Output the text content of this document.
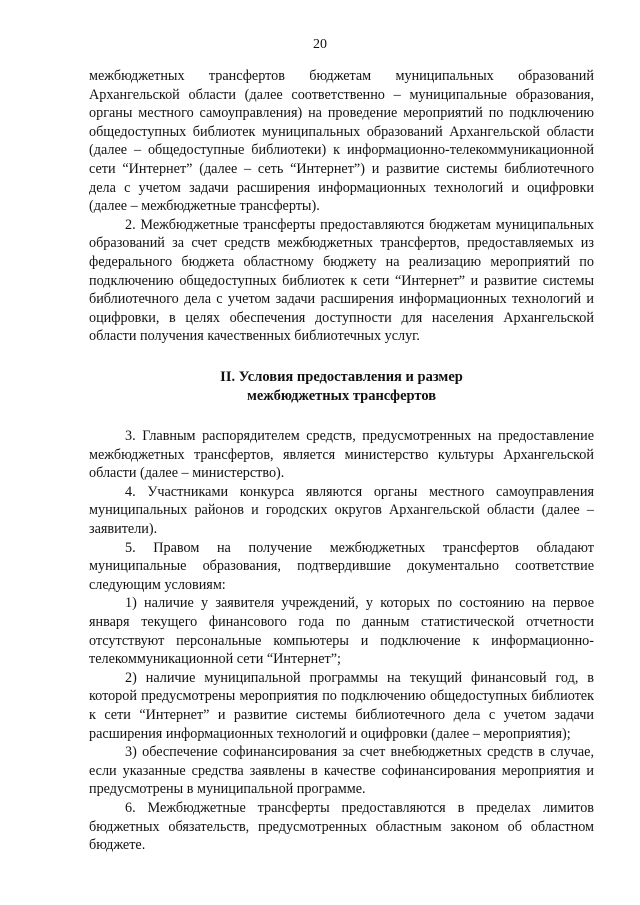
20

межбюджетных трансфертов бюджетам муниципальных образований Архангельской области (далее соответственно – муниципальные образования, органы местного самоуправления) на проведение мероприятий по подключению общедоступных библиотек муниципальных образований Архангельской области (далее – общедоступные библиотеки) к информационно-телекоммуникационной сети “Интернет” (далее – сеть “Интернет”) и развитие системы библиотечного дела с учетом задачи расширения информационных технологий и оцифровки (далее – межбюджетные трансферты).

2. Межбюджетные трансферты предоставляются бюджетам муниципальных образований за счет средств межбюджетных трансфертов, предоставляемых из федерального бюджета областному бюджету на реализацию мероприятий по подключению общедоступных библиотек к сети “Интернет” и развитие системы библиотечного дела с учетом задачи расширения информационных технологий и оцифровки, в целях обеспечения доступности для населения Архангельской области получения качественных библиотечных услуг.

II. Условия предоставления и размер
межбюджетных трансфертов

3. Главным распорядителем средств, предусмотренных на предоставление межбюджетных трансфертов, является министерство культуры Архангельской области (далее – министерство).

4. Участниками конкурса являются органы местного самоуправления муниципальных районов и городских округов Архангельской области (далее – заявители).

5. Правом на получение межбюджетных трансфертов обладают муниципальные образования, подтвердившие документально соответствие следующим условиям:

1) наличие у заявителя учреждений, у которых по состоянию на первое января текущего финансового года по данным статистической отчетности отсутствуют персональные компьютеры и подключение к информационно-телекоммуникационной сети “Интернет”;

2) наличие муниципальной программы на текущий финансовый год, в которой предусмотрены мероприятия по подключению общедоступных библиотек к сети “Интернет” и развитие системы библиотечного дела с учетом задачи расширения информационных технологий и оцифровки (далее – мероприятия);

3) обеспечение софинансирования за счет внебюджетных средств в случае, если указанные средства заявлены в качестве софинансирования мероприятия и предусмотрены в муниципальной программе.

6. Межбюджетные трансферты предоставляются в пределах лимитов бюджетных обязательств, предусмотренных областным законом об областном бюджете.
